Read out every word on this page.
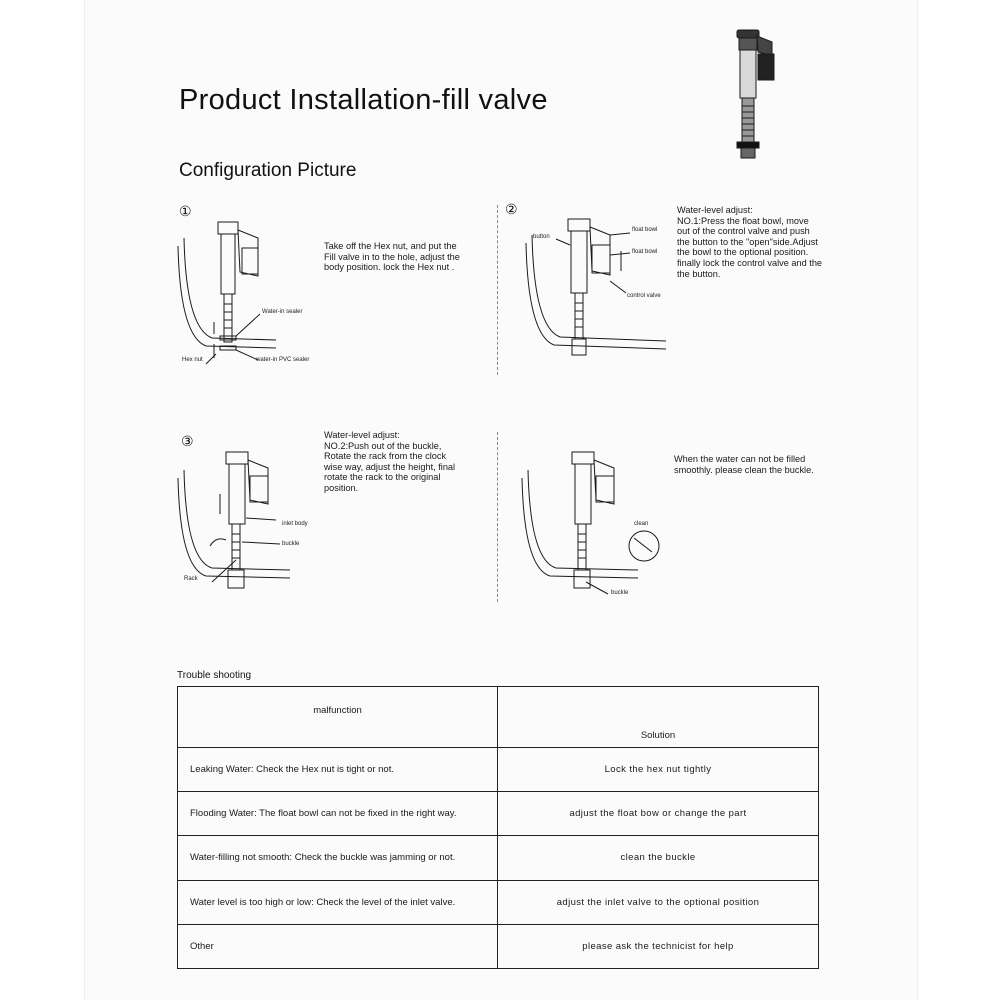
Product Installation-fill valve
Configuration Picture
①
Water-in sealer
Hex nut	water-in PVC sealer
Take off the Hex nut, and put the
Fill valve in to the hole, adjust the
body position. lock the Hex nut .
②
button
float bowl
float bowl
control valve
Water-level adjust:
NO.1:Press the float bowl, move
out of the control valve and push
the button to the "open"side.Adjust
the bowl to the optional position.
finally lock the control valve and the
the button.
③
inlet body
buckle
Rack
Water-level adjust:
NO.2:Push out of the buckle,
Rotate the rack from the clock
wise way, adjust the height, final
rotate the rack to the original
position.
clean
buckle
When the water can not be filled
smoothly. please clean the buckle.
Trouble shooting
malfunction	Solution
Leaking Water: Check the Hex nut is tight or not.	Lock the hex nut tightly
Flooding Water: The float bowl can not be fixed in the right way.	adjust the float bow or change the part
Water-filling not smooth: Check the buckle was jamming or not.	clean the buckle
Water level is too high or low: Check the level of the inlet valve.	adjust the inlet valve to the optional position
Other	please ask the technicist for help
